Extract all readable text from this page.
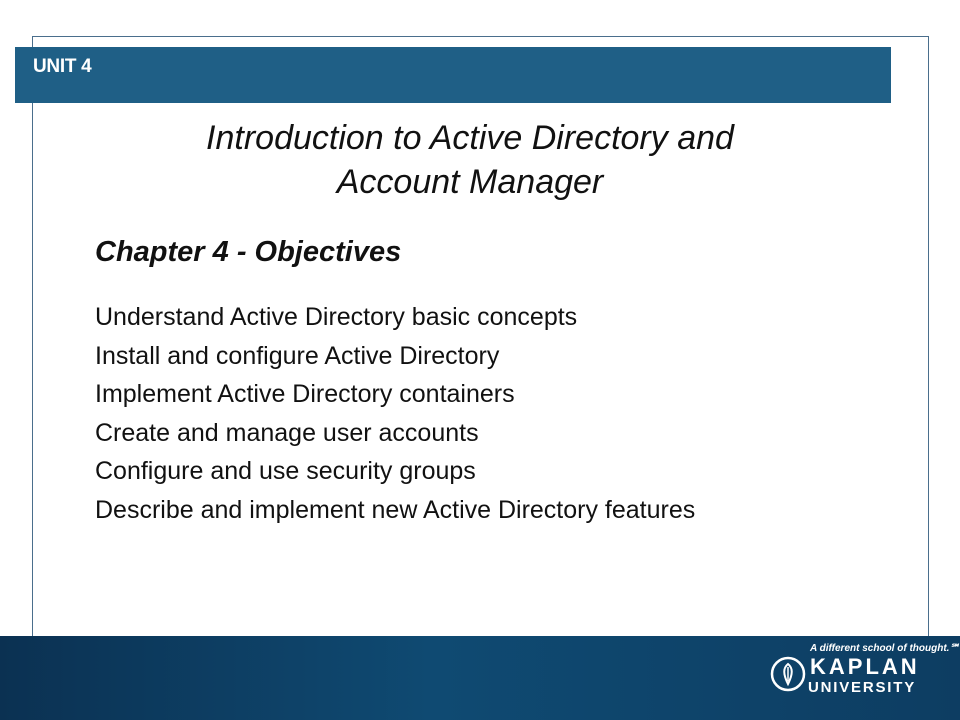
UNIT 4
Introduction to Active Directory and
Account Manager
Chapter 4 - Objectives
Understand Active Directory basic concepts
Install and configure Active Directory
Implement Active Directory containers
Create and manage user accounts
Configure and use security groups
Describe and implement new Active Directory features
A different school of thought.℠
KAPLAN
UNIVERSITY
